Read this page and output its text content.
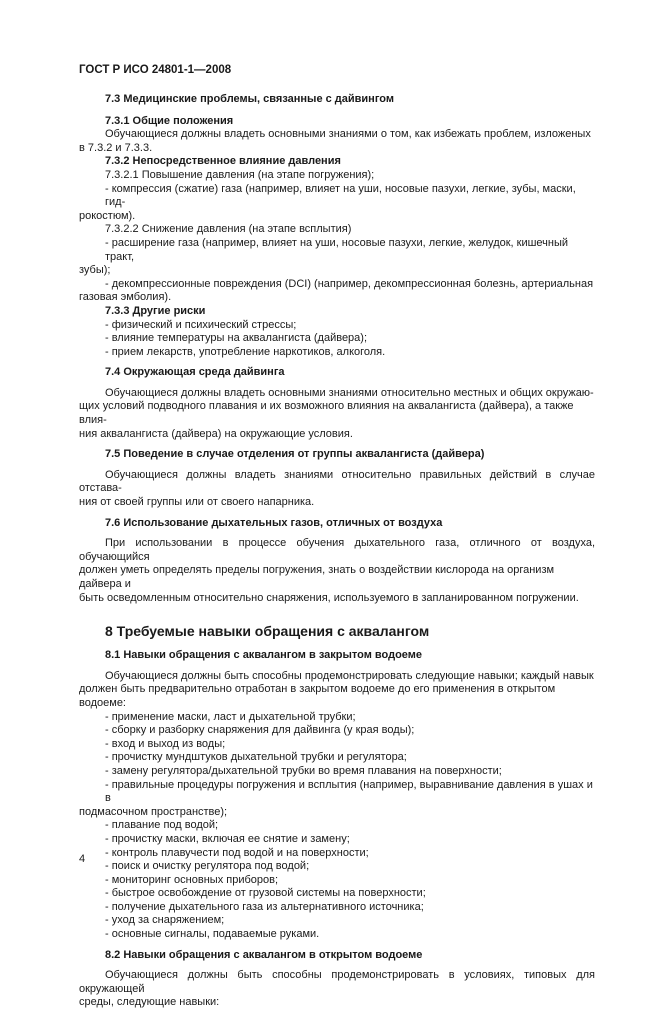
ГОСТ Р ИСО 24801-1—2008

7.3 Медицинские проблемы, связанные с дайвингом

7.3.1 Общие положения

Обучающиеся должны владеть основными знаниями о том, как избежать проблем, изложеных

в 7.3.2 и 7.3.3.

7.3.2 Непосредственное влияние давления

7.3.2.1 Повышение давления (на этапе погружения);

- компрессия (сжатие) газа (например, влияет на уши, носовые пазухи, легкие, зубы, маски, гид-

рокостюм).

7.3.2.2 Снижение давления (на этапе всплытия)

- расширение газа (например, влияет на уши, носовые пазухи, легкие, желудок, кишечный тракт,

зубы);

- декомпрессионные повреждения (DCI) (например, декомпрессионная болезнь, артериальная

газовая эмболия).

7.3.3 Другие риски

- физический и психический стрессы;

- влияние температуры на аквалангиста (дайвера);

- прием лекарств, употребление наркотиков, алкоголя.

7.4 Окружающая среда дайвинга

Обучающиеся должны владеть основными знаниями относительно местных и общих окружаю-

щих условий подводного плавания и их возможного влияния на аквалангиста (дайвера), а также влия-

ния аквалангиста (дайвера) на окружающие условия.

7.5 Поведение в случае отделения от группы аквалангиста (дайвера)

Обучающиеся должны владеть знаниями относительно правильных действий в случае отстава-

ния от своей группы или от своего напарника.

7.6 Использование дыхательных газов, отличных от воздуха

При использовании в процессе обучения дыхательного газа, отличного от воздуха, обучающийся

должен уметь определять пределы погружения, знать о воздействии кислорода на организм дайвера и

быть осведомленным относительно снаряжения, используемого в запланированном погружении.

8 Требуемые навыки обращения с аквалангом

8.1 Навыки обращения с аквалангом в закрытом водоеме

Обучающиеся должны быть способны продемонстрировать следующие навыки; каждый навык

должен быть предварительно отработан в закрытом водоеме до его применения в открытом водоеме:

- применение маски, ласт и дыхательной трубки;

- сборку и разборку снаряжения для дайвинга (у края воды);

- вход и выход из воды;

- прочистку мундштуков дыхательной трубки и регулятора;

- замену регулятора/дыхательной трубки во время плавания на поверхности;

- правильные процедуры погружения и всплытия (например, выравнивание давления в ушах и в

подмасочном пространстве);

- плавание под водой;

- прочистку маски, включая ее снятие и замену;

- контроль плавучести под водой и на поверхности;

- поиск и очистку регулятора под водой;

- мониторинг основных приборов;

- быстрое освобождение от грузовой системы на поверхности;

- получение дыхательного газа из альтернативного источника;

- уход за снаряжением;

- основные сигналы, подаваемые руками.

8.2 Навыки обращения с аквалангом в открытом водоеме

Обучающиеся должны быть способны продемонстрировать в условиях, типовых для окружающей

среды, следующие навыки:

4
